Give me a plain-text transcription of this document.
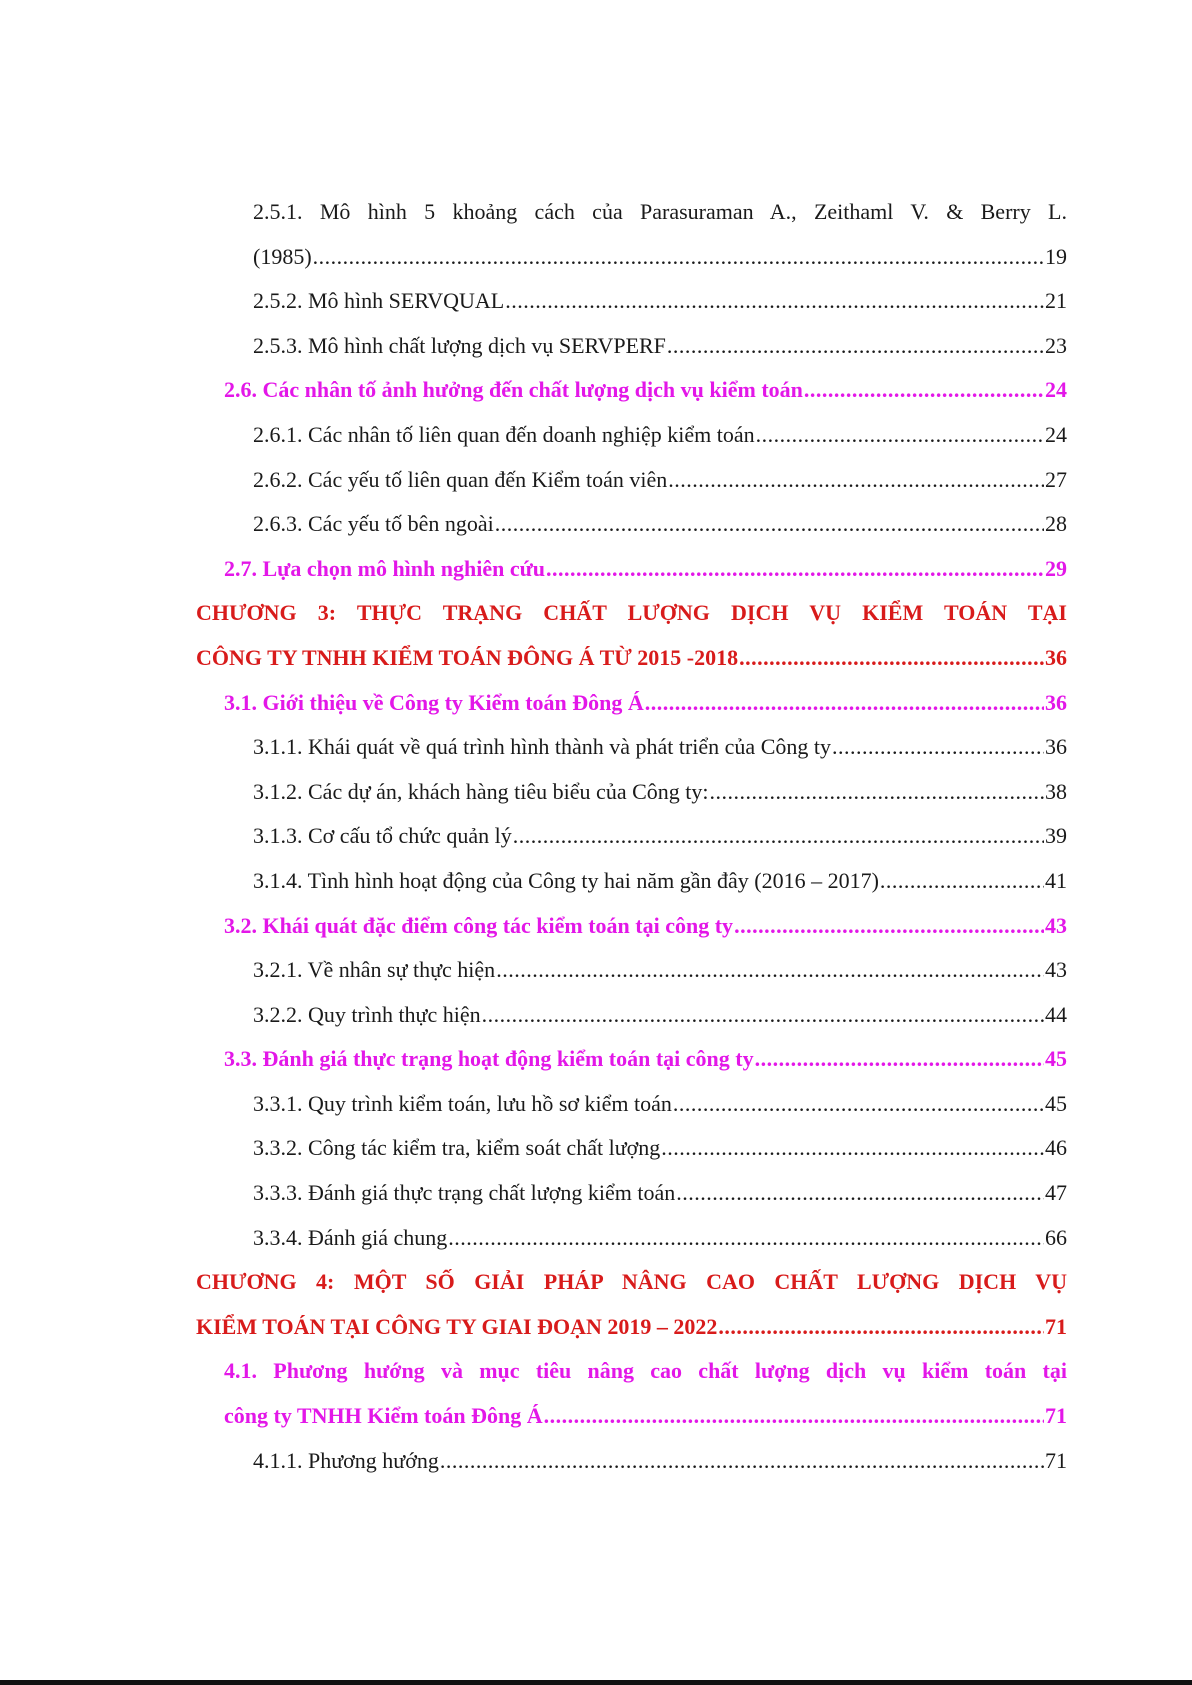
2.5.1. Mô hình 5 khoảng cách của Parasuraman A., Zeithaml V. & Berry L.
(1985) .....	19
2.5.2. Mô hình SERVQUAL .....	21
2.5.3. Mô hình chất lượng dịch vụ SERVPERF .....	23
2.6. Các nhân tố ảnh hưởng đến chất lượng dịch vụ kiểm toán .....	24
2.6.1. Các nhân tố liên quan đến doanh nghiệp kiểm toán .....	24
2.6.2. Các yếu tố liên quan đến Kiểm toán viên .....	27
2.6.3. Các yếu tố bên ngoài .....	28
2.7. Lựa chọn mô hình nghiên cứu .....	29
CHƯƠNG 3: THỰC TRẠNG CHẤT LƯỢNG DỊCH VỤ KIỂM TOÁN TẠI
CÔNG TY TNHH KIỂM TOÁN ĐÔNG Á TỪ 2015 -2018 .....	36
3.1. Giới thiệu về Công ty Kiểm toán Đông Á .....	36
3.1.1. Khái quát về quá trình hình thành và phát triển của Công ty .....	36
3.1.2. Các dự án, khách hàng tiêu biểu của Công ty: .....	38
3.1.3. Cơ cấu tổ chức quản lý .....	39
3.1.4. Tình hình hoạt động của Công ty hai năm gần đây (2016 – 2017) .....	41
3.2. Khái quát đặc điểm công tác kiểm toán tại công ty .....	43
3.2.1. Về nhân sự thực hiện .....	43
3.2.2. Quy trình thực hiện .....	44
3.3. Đánh giá thực trạng hoạt động kiểm toán tại công ty .....	45
3.3.1. Quy trình kiểm toán, lưu hồ sơ kiểm toán .....	45
3.3.2. Công tác kiểm tra, kiểm soát chất lượng .....	46
3.3.3. Đánh giá thực trạng chất lượng kiểm toán .....	47
3.3.4. Đánh giá chung .....	66
CHƯƠNG 4: MỘT SỐ GIẢI PHÁP NÂNG CAO CHẤT LƯỢNG DỊCH VỤ
KIỂM TOÁN TẠI CÔNG TY GIAI ĐOẠN 2019 – 2022 .....	71
4.1. Phương hướng và mục tiêu nâng cao chất lượng dịch vụ kiểm toán tại
công ty TNHH Kiểm toán Đông Á .....	71
4.1.1. Phương hướng .....	71
